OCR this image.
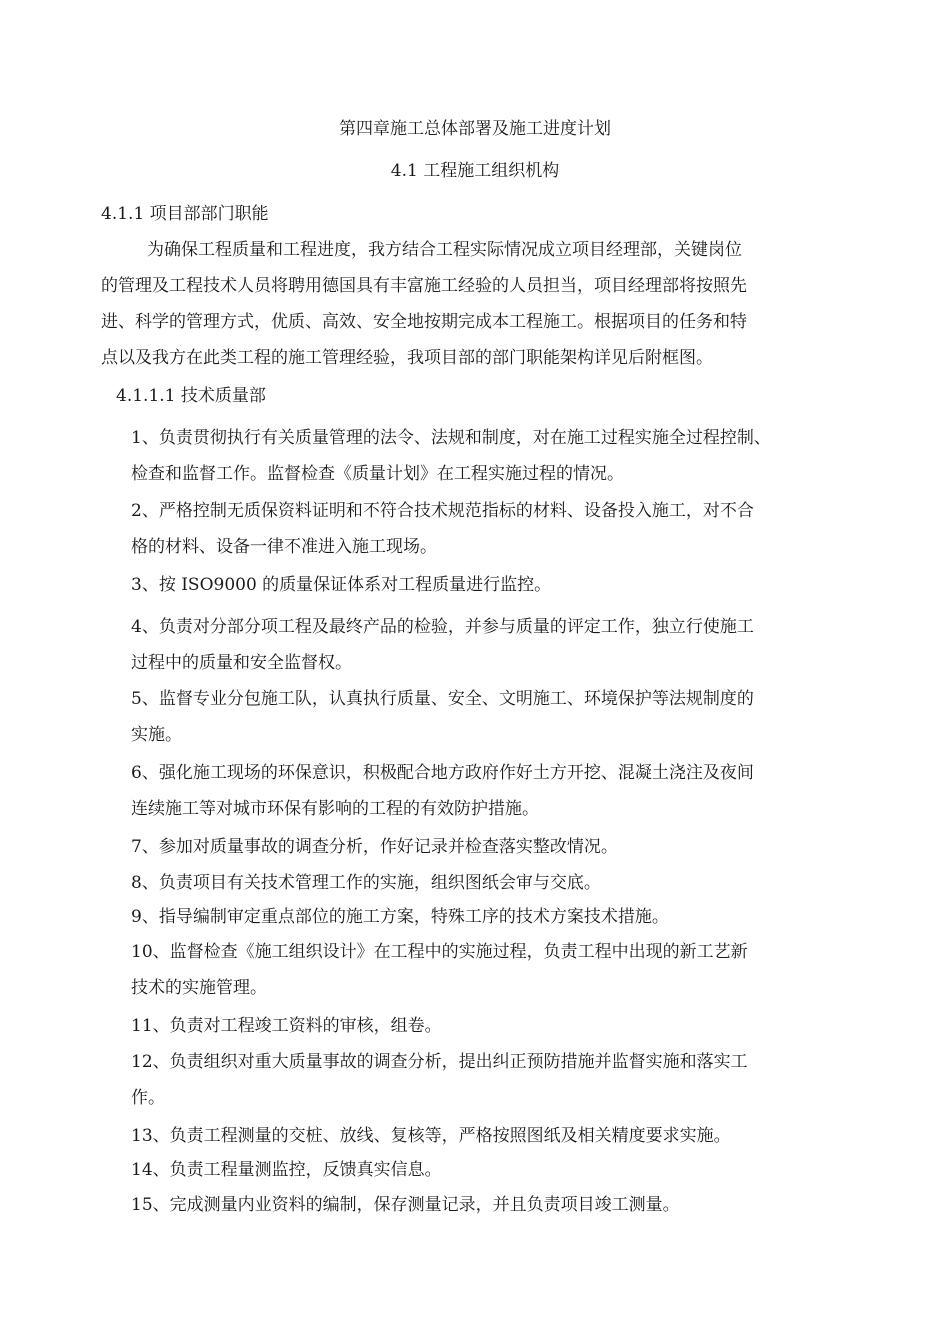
第四章施工总体部署及施工进度计划
4.1 工程施工组织机构
4.1.1 项目部部门职能
为确保工程质量和工程进度，我方结合工程实际情况成立项目经理部，关键岗位
的管理及工程技术人员将聘用德国具有丰富施工经验的人员担当，项目经理部将按照先
进、科学的管理方式，优质、高效、安全地按期完成本工程施工。根据项目的任务和特
点以及我方在此类工程的施工管理经验，我项目部的部门职能架构详见后附框图。
4.1.1.1 技术质量部
1、负责贯彻执行有关质量管理的法令、法规和制度，对在施工过程实施全过程控制、
检查和监督工作。监督检查《质量计划》在工程实施过程的情况。
2、严格控制无质保资料证明和不符合技术规范指标的材料、设备投入施工，对不合
格的材料、设备一律不准进入施工现场。
3、按 ISO9000 的质量保证体系对工程质量进行监控。
4、负责对分部分项工程及最终产品的检验，并参与质量的评定工作，独立行使施工
过程中的质量和安全监督权。
5、监督专业分包施工队，认真执行质量、安全、文明施工、环境保护等法规制度的
实施。
6、强化施工现场的环保意识，积极配合地方政府作好土方开挖、混凝土浇注及夜间
连续施工等对城市环保有影响的工程的有效防护措施。
7、参加对质量事故的调查分析，作好记录并检查落实整改情况。
8、负责项目有关技术管理工作的实施，组织图纸会审与交底。
9、指导编制审定重点部位的施工方案，特殊工序的技术方案技术措施。
10、监督检查《施工组织设计》在工程中的实施过程，负责工程中出现的新工艺新
技术的实施管理。
11、负责对工程竣工资料的审核，组卷。
12、负责组织对重大质量事故的调查分析，提出纠正预防措施并监督实施和落实工
作。
13、负责工程测量的交桩、放线、复核等，严格按照图纸及相关精度要求实施。
14、负责工程量测监控，反馈真实信息。
15、完成测量内业资料的编制，保存测量记录，并且负责项目竣工测量。
